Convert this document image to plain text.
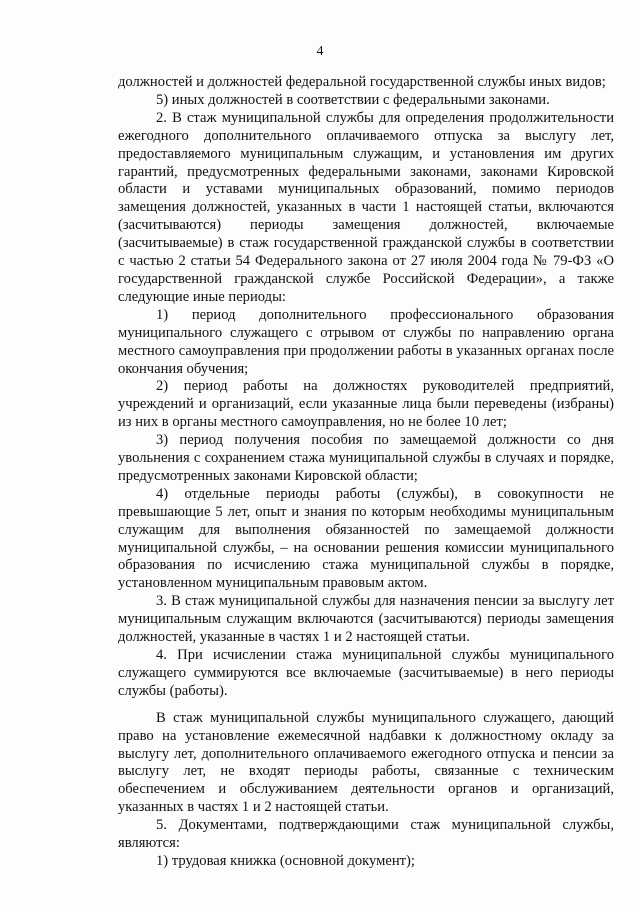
4

должностей и должностей федеральной государственной службы иных видов;

5) иных должностей в соответствии с федеральными законами.

2. В стаж муниципальной службы для определения продолжительности ежегодного дополнительного оплачиваемого отпуска за выслугу лет, предоставляемого муниципальным служащим, и установления им других гарантий, предусмотренных федеральными законами, законами Кировской области и уставами муниципальных образований, помимо периодов замещения должностей, указанных в части 1 настоящей статьи, включаются (засчитываются) периоды замещения должностей, включаемые (засчитываемые) в стаж государственной гражданской службы в соответствии с частью 2 статьи 54 Федерального закона от 27 июля 2004 года № 79-ФЗ «О государственной гражданской службе Российской Федерации», а также следующие иные периоды:

1) период дополнительного профессионального образования муниципального служащего с отрывом от службы по направлению органа местного самоуправления при продолжении работы в указанных органах после окончания обучения;

2) период работы на должностях руководителей предприятий, учреждений и организаций, если указанные лица были переведены (избраны) из них в органы местного самоуправления, но не более 10 лет;

3) период получения пособия по замещаемой должности со дня увольнения с сохранением стажа муниципальной службы в случаях и порядке, предусмотренных законами Кировской области;

4) отдельные периоды работы (службы), в совокупности не превышающие 5 лет, опыт и знания по которым необходимы муниципальным служащим для выполнения обязанностей по замещаемой должности муниципальной службы, – на основании решения комиссии муниципального образования по исчислению стажа муниципальной службы в порядке, установленном муниципальным правовым актом.

3. В стаж муниципальной службы для назначения пенсии за выслугу лет муниципальным служащим включаются (засчитываются) периоды замещения должностей, указанные в частях 1 и 2 настоящей статьи.

4. При исчислении стажа муниципальной службы муниципального служащего суммируются все включаемые (засчитываемые) в него периоды службы (работы).

В стаж муниципальной службы муниципального служащего, дающий право на установление ежемесячной надбавки к должностному окладу за выслугу лет, дополнительного оплачиваемого ежегодного отпуска и пенсии за выслугу лет, не входят периоды работы, связанные с техническим обеспечением и обслуживанием деятельности органов и организаций, указанных в частях 1 и 2 настоящей статьи.

5. Документами, подтверждающими стаж муниципальной службы, являются:

1) трудовая книжка (основной документ);
